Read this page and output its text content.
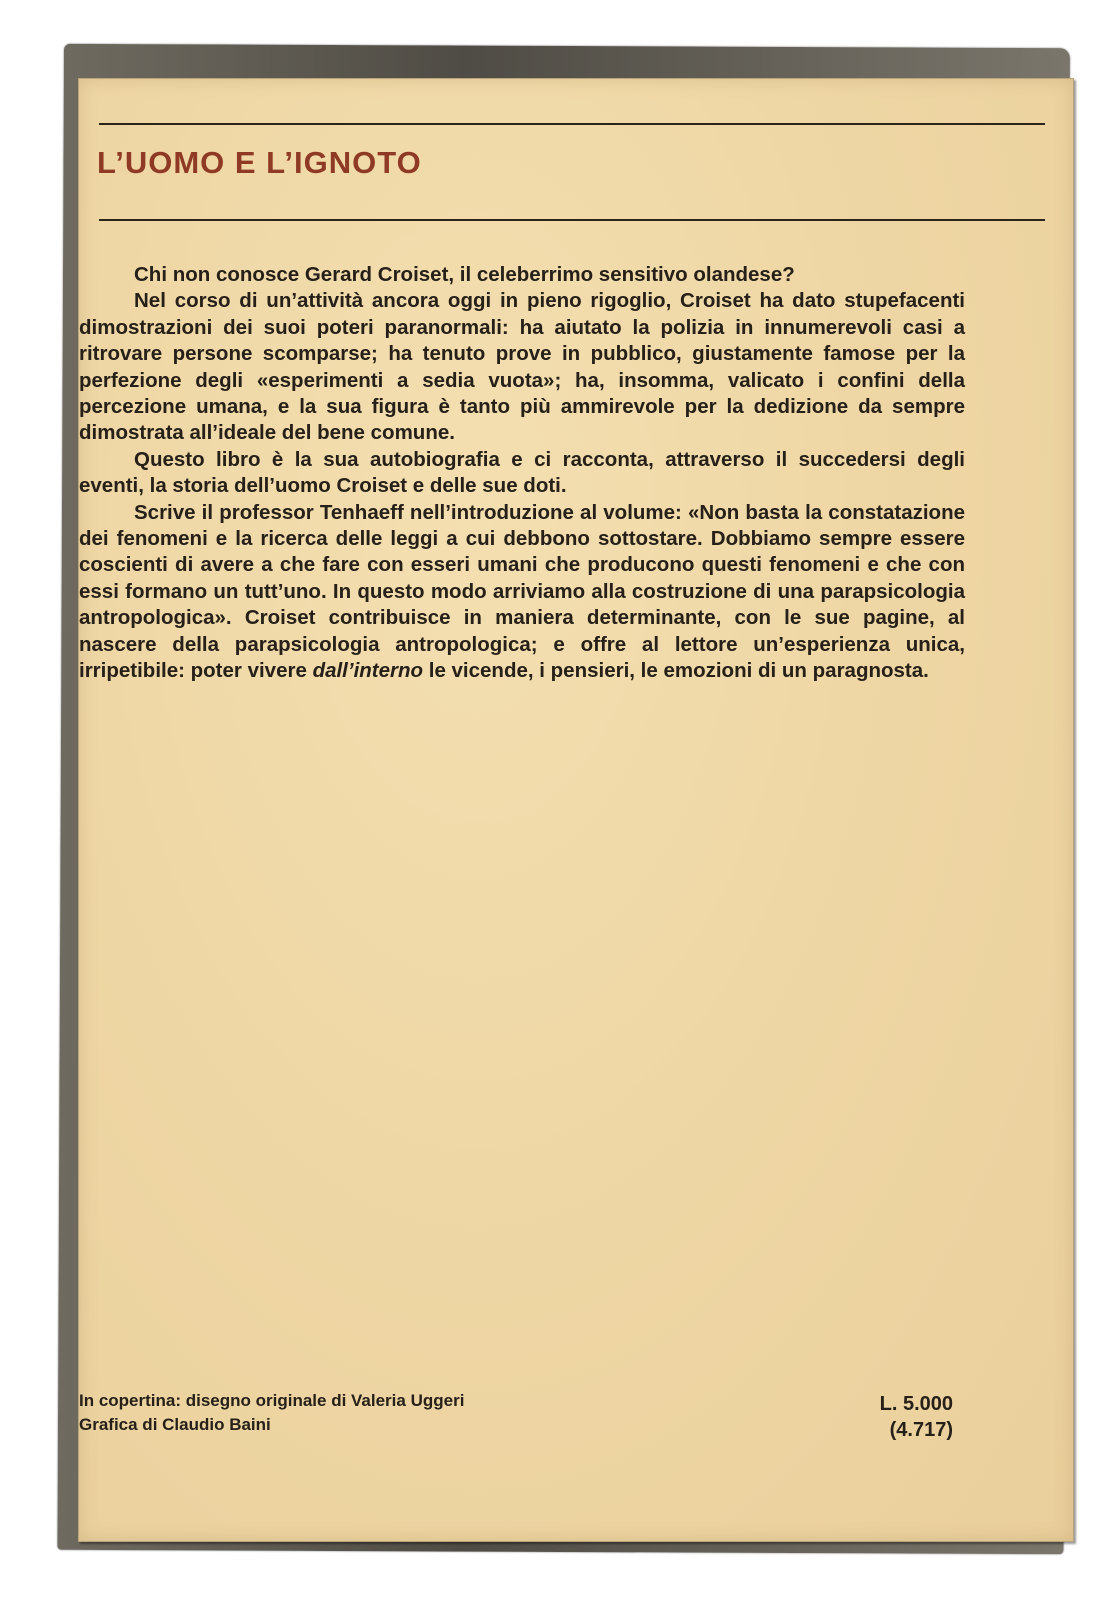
L’UOMO E L’IGNOTO

Chi non conosce Gerard Croiset, il celeberrimo sensitivo olandese?

Nel corso di un’attività ancora oggi in pieno rigoglio, Croiset ha dato stupefacenti dimostrazioni dei suoi poteri paranormali: ha aiutato la polizia in innumerevoli casi a ritrovare persone scomparse; ha tenuto prove in pubblico, giustamente famose per la perfezione degli «esperimenti a sedia vuota»; ha, insomma, valicato i confini della percezione umana, e la sua figura è tanto più ammirevole per la dedizione da sempre dimostrata all’ideale del bene comune.

Questo libro è la sua autobiografia e ci racconta, attraverso il succedersi degli eventi, la storia dell’uomo Croiset e delle sue doti.

Scrive il professor Tenhaeff nell’introduzione al volume: «Non basta la constatazione dei fenomeni e la ricerca delle leggi a cui debbono sottostare. Dobbiamo sempre essere coscienti di avere a che fare con esseri umani che producono questi fenomeni e che con essi formano un tutt’uno. In questo modo arriviamo alla costruzione di una parapsicologia antropologica». Croiset contribuisce in maniera determinante, con le sue pagine, al nascere della parapsicologia antropologica; e offre al lettore un’esperienza unica, irripetibile: poter vivere dall’interno le vicende, i pensieri, le emozioni di un paragnosta.

In copertina: disegno originale di Valeria Uggeri
Grafica di Claudio Baini
L. 5.000
(4.717)
